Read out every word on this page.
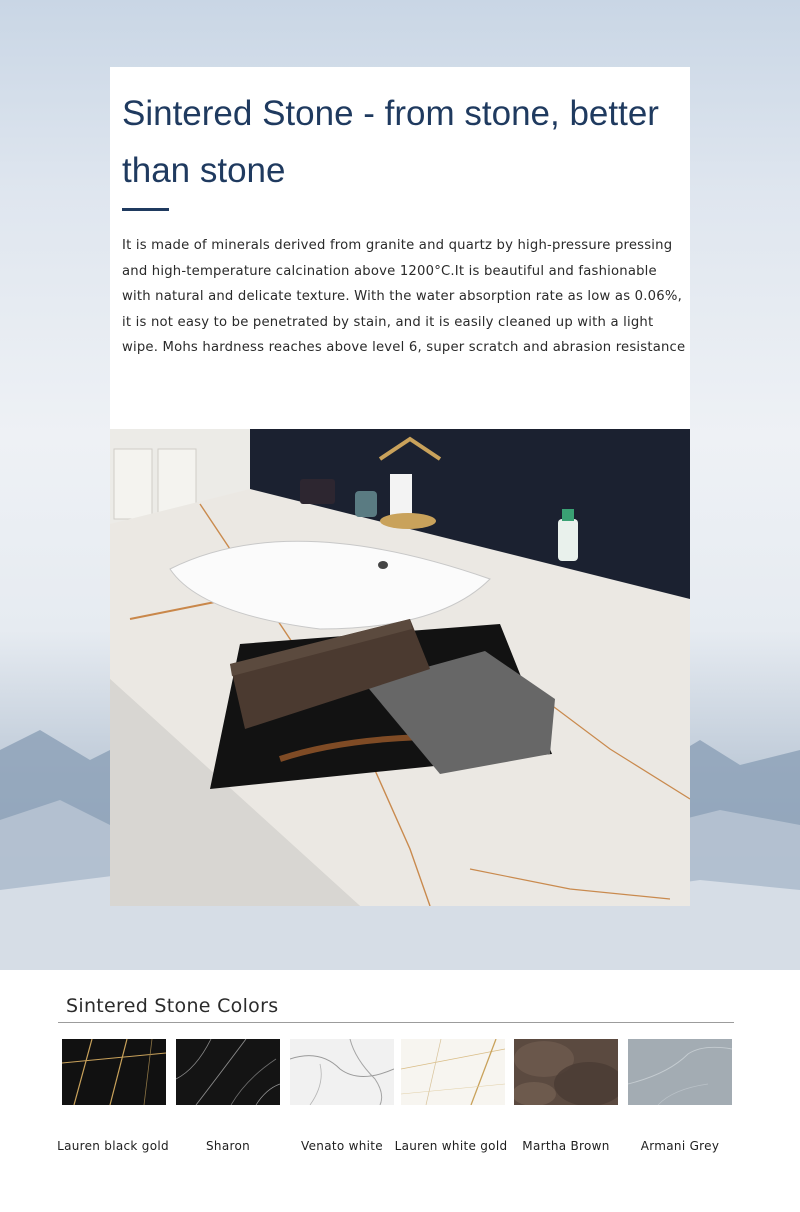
Sintered Stone - from stone, better than stone

It is made of minerals derived from granite and quartz by high-pressure pressing and high-temperature calcination above 1200°C.It is beautiful and fashionable with natural and delicate texture. With the water absorption rate as low as 0.06%, it is not easy to be penetrated by stain, and it is easily cleaned up with a light wipe. Mohs hardness reaches above level 6, super scratch and abrasion resistance

Sintered Stone Colors
Lauren black gold	Sharon	Venato white Lauren white gold	Martha Brown	Armani Grey
